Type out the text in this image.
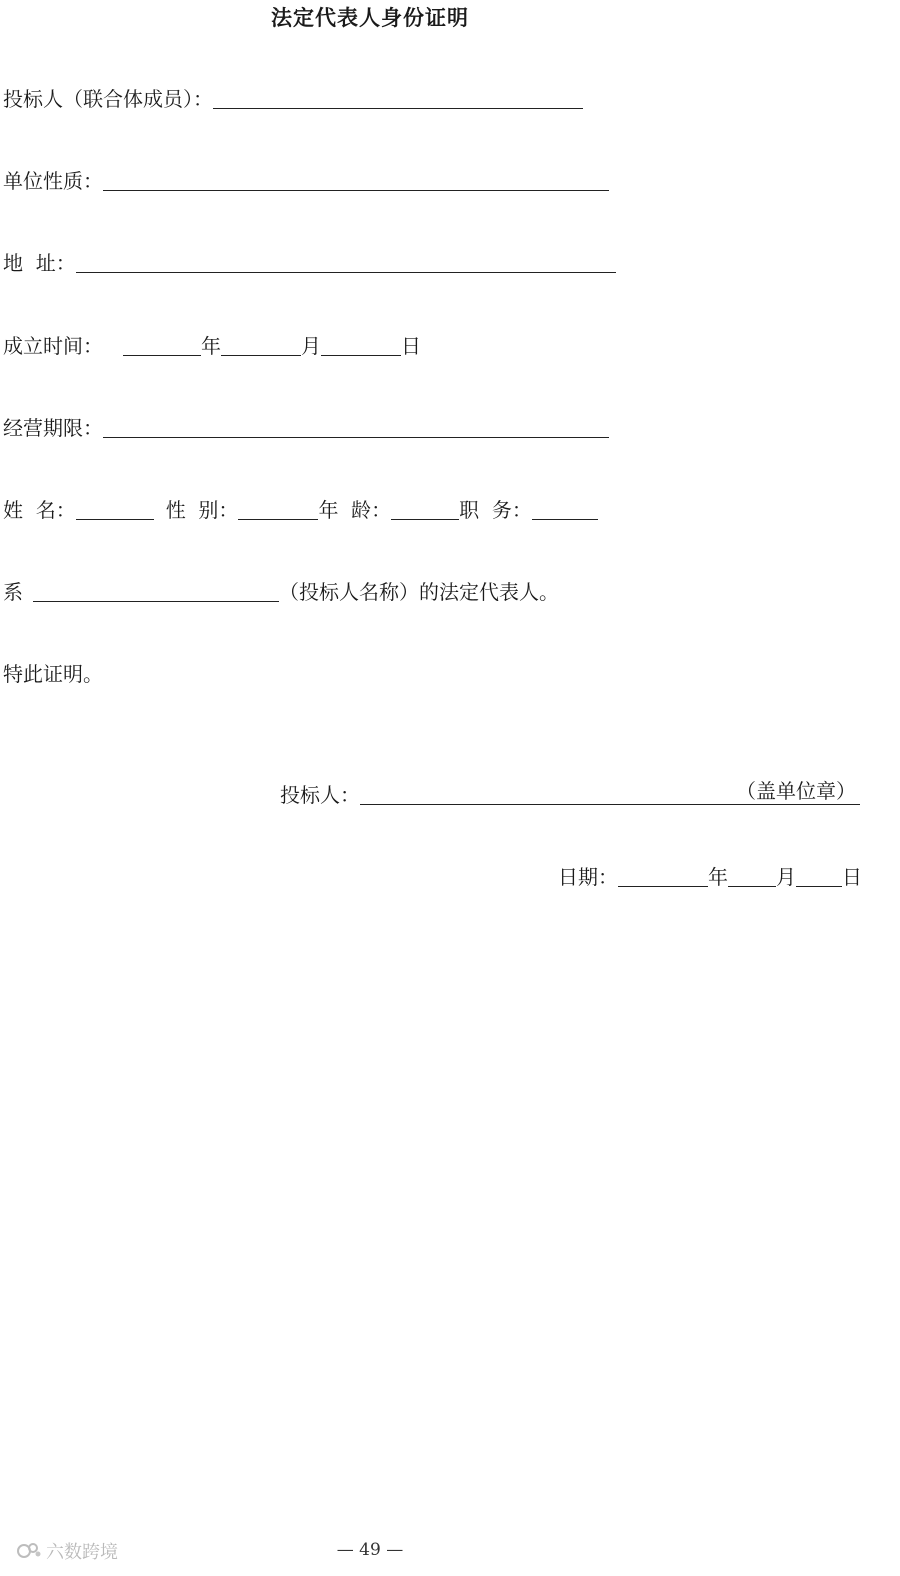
法定代表人身份证明
投标人（联合体成员）：
单位性质：
地  址：
成立时间：	年	月	日
经营期限：
姓  名：	性  别：	年  龄：	职  务：
系	（投标人名称）的法定代表人。
特此证明。
投标人：	（盖单位章）
日期：	年 月 日
— 49 —
六数跨境
